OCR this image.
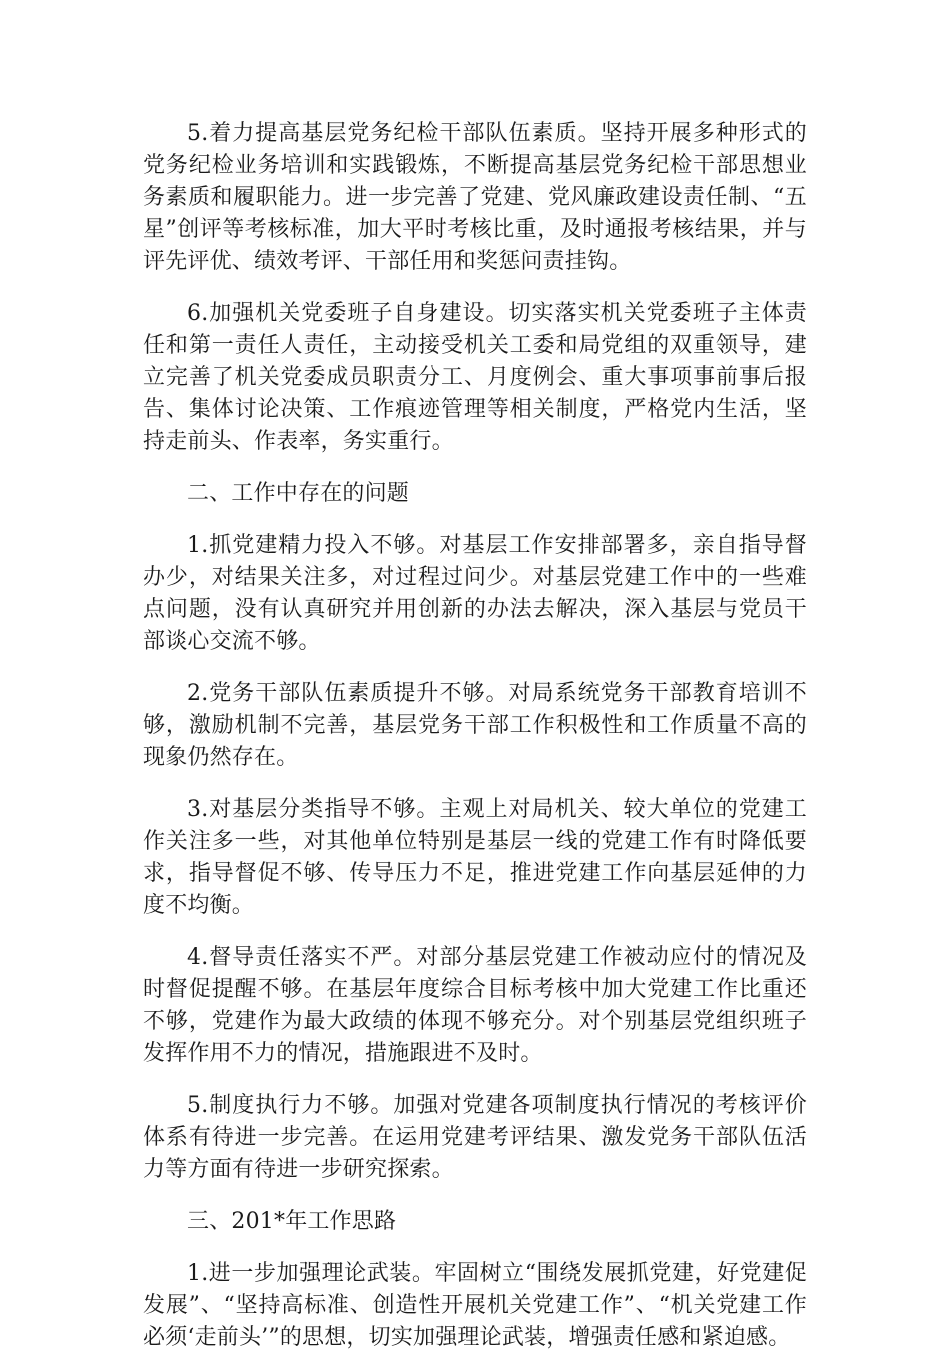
5.着力提高基层党务纪检干部队伍素质。坚持开展多种形式的党务纪检业务培训和实践锻炼，不断提高基层党务纪检干部思想业务素质和履职能力。进一步完善了党建、党风廉政建设责任制、“五星”创评等考核标准，加大平时考核比重，及时通报考核结果，并与评先评优、绩效考评、干部任用和奖惩问责挂钩。

6.加强机关党委班子自身建设。切实落实机关党委班子主体责任和第一责任人责任，主动接受机关工委和局党组的双重领导，建立完善了机关党委成员职责分工、月度例会、重大事项事前事后报告、集体讨论决策、工作痕迹管理等相关制度，严格党内生活，坚持走前头、作表率，务实重行。

二、工作中存在的问题

1.抓党建精力投入不够。对基层工作安排部署多，亲自指导督办少，对结果关注多，对过程过问少。对基层党建工作中的一些难点问题，没有认真研究并用创新的办法去解决，深入基层与党员干部谈心交流不够。

2.党务干部队伍素质提升不够。对局系统党务干部教育培训不够，激励机制不完善，基层党务干部工作积极性和工作质量不高的现象仍然存在。

3.对基层分类指导不够。主观上对局机关、较大单位的党建工作关注多一些，对其他单位特别是基层一线的党建工作有时降低要求，指导督促不够、传导压力不足，推进党建工作向基层延伸的力度不均衡。

4.督导责任落实不严。对部分基层党建工作被动应付的情况及时督促提醒不够。在基层年度综合目标考核中加大党建工作比重还不够，党建作为最大政绩的体现不够充分。对个别基层党组织班子发挥作用不力的情况，措施跟进不及时。

5.制度执行力不够。加强对党建各项制度执行情况的考核评价体系有待进一步完善。在运用党建考评结果、激发党务干部队伍活力等方面有待进一步研究探索。

三、201*年工作思路

1.进一步加强理论武装。牢固树立“围绕发展抓党建，好党建促发展”、“坚持高标准、创造性开展机关党建工作”、“机关党建工作必须‘走前头’”的思想，切实加强理论武装，增强责任感和紧迫感。
